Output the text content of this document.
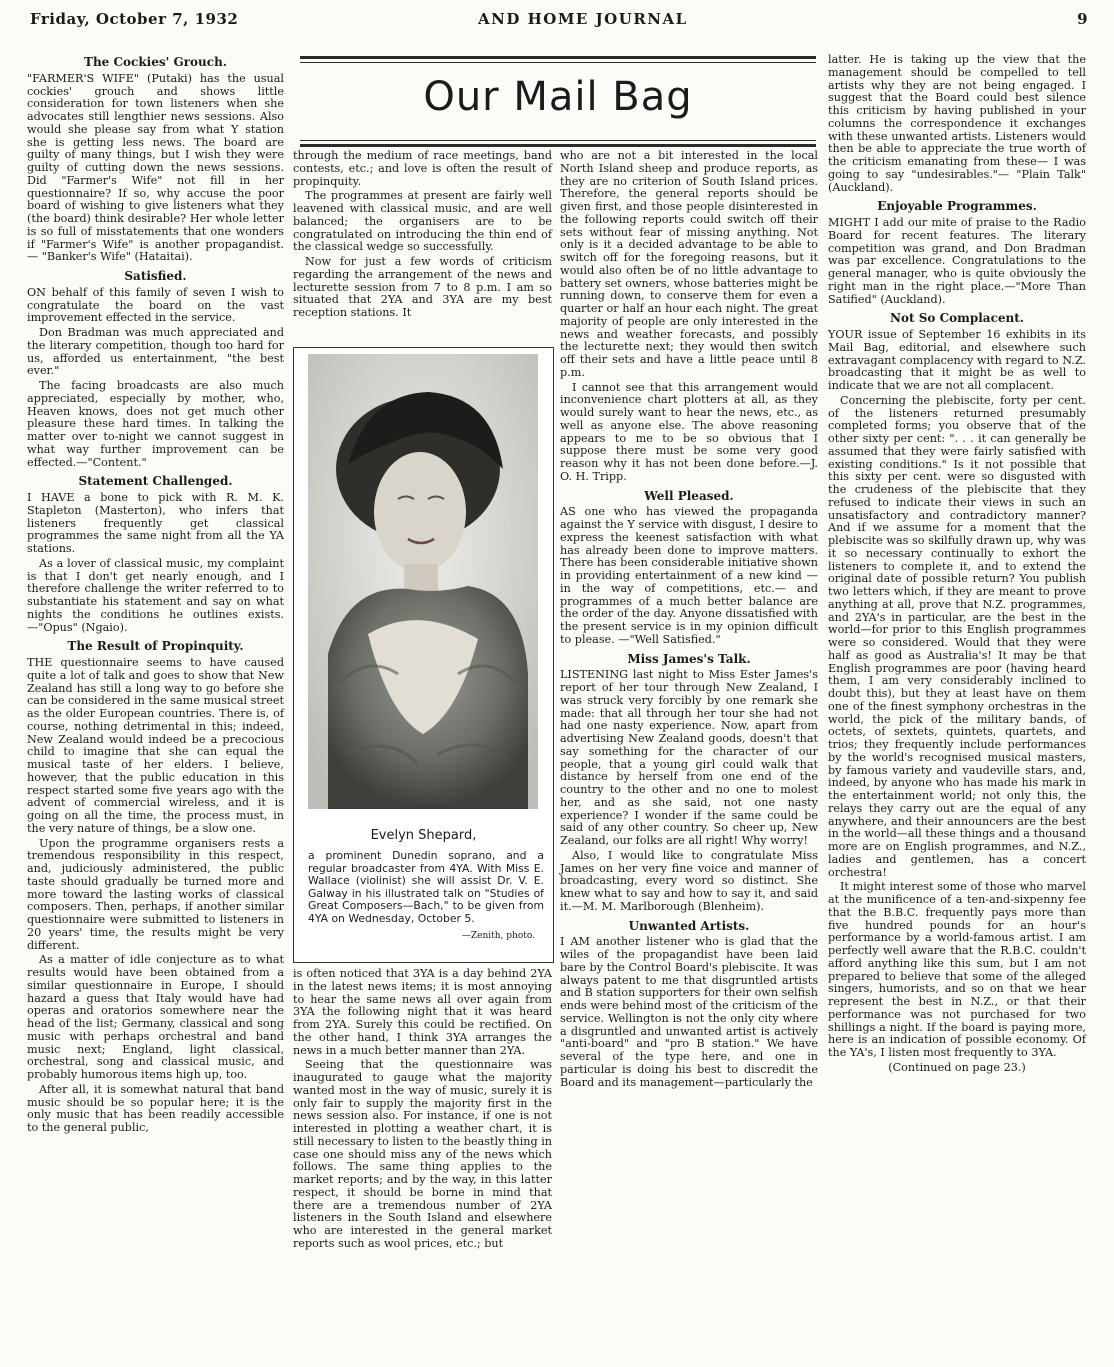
Friday, October 7, 1932	AND HOME JOURNAL	9
The Cockies' Grouch.

"FARMER'S WIFE" (Putaki) has the usual cockies' grouch and shows little consideration for town listeners when she advocates still lengthier news sessions. Also would she please say from what Y station she is getting less news. The board are guilty of many things, but I wish they were guilty of cutting down the news sessions. Did "Farmer's Wife" not fill in her questionnaire? If so, why accuse the poor board of wishing to give listeners what they (the board) think desirable? Her whole letter is so full of misstatements that one wonders if "Farmer's Wife" is another propagandist. — "Banker's Wife" (Hataitai).

Satisfied.

ON behalf of this family of seven I wish to congratulate the board on the vast improvement effected in the service.

Don Bradman was much appreciated and the literary competition, though too hard for us, afforded us entertainment, "the best ever."

The facing broadcasts are also much appreciated, especially by mother, who, Heaven knows, does not get much other pleasure these hard times. In talking the matter over to-night we cannot suggest in what way further improvement can be effected.—"Content."

Statement Challenged.

I HAVE a bone to pick with R. M. K. Stapleton (Masterton), who infers that listeners frequently get classical programmes the same night from all the YA stations.

As a lover of classical music, my complaint is that I don't get nearly enough, and I therefore challenge the writer referred to to substantiate his statement and say on what nights the conditions he outlines exists.—"Opus" (Ngaio).

The Result of Propinquity.

THE questionnaire seems to have caused quite a lot of talk and goes to show that New Zealand has still a long way to go before she can be considered in the same musical street as the older European countries. There is, of course, nothing detrimental in this; indeed, New Zealand would indeed be a precocious child to imagine that she can equal the musical taste of her elders. I believe, however, that the public education in this respect started some five years ago with the advent of commercial wireless, and it is going on all the time, the process must, in the very nature of things, be a slow one.

Upon the programme organisers rests a tremendous responsibility in this respect, and, judiciously administered, the public taste should gradually be turned more and more toward the lasting works of classical composers. Then, perhaps, if another similar questionnaire were submitted to listeners in 20 years' time, the results might be very different.

As a matter of idle conjecture as to what results would have been obtained from a similar questionnaire in Europe, I should hazard a guess that Italy would have had operas and oratorios somewhere near the head of the list; Germany, classical and song music with perhaps orchestral and band music next; England, light classical, orchestral, song and classical music, and probably humorous items high up, too.

After all, it is somewhat natural that band music should be so popular here; it is the only music that has been readily accessible to the general public,

Our Mail Bag

through the medium of race meetings, band contests, etc.; and love is often the result of propinquity.

The programmes at present are fairly well leavened with classical music, and are well balanced; the organisers are to be congratulated on introducing the thin end of the classical wedge so successfully.

Now for just a few words of criticism regarding the arrangement of the news and lecturette session from 7 to 8 p.m. I am so situated that 2YA and 3YA are my best reception stations. It

Evelyn Shepard,
a prominent Dunedin soprano, and a regular broadcaster from 4YA. With Miss E. Wallace (violinist) she will assist Dr. V. E. Galway in his illustrated talk on "Studies of Great Composers—Bach," to be given from 4YA on Wednesday, October 5.
—Zenith, photo.

is often noticed that 3YA is a day behind 2YA in the latest news items; it is most annoying to hear the same news all over again from 3YA the following night that it was heard from 2YA. Surely this could be rectified. On the other hand, I think 3YA arranges the news in a much better manner than 2YA.

Seeing that the questionnaire was inaugurated to gauge what the majority wanted most in the way of music, surely it is only fair to supply the majority first in the news session also. For instance, if one is not interested in plotting a weather chart, it is still necessary to listen to the beastly thing in case one should miss any of the news which follows. The same thing applies to the market reports; and by the way, in this latter respect, it should be borne in mind that there are a tremendous number of 2YA listeners in the South Island and elsewhere who are interested in the general market reports such as wool prices, etc.; but

who are not a bit interested in the local North Island sheep and produce reports, as they are no criterion of South Island prices. Therefore, the general reports should be given first, and those people disinterested in the following reports could switch off their sets without fear of missing anything. Not only is it a decided advantage to be able to switch off for the foregoing reasons, but it would also often be of no little advantage to battery set owners, whose batteries might be running down, to conserve them for even a quarter or half an hour each night. The great majority of people are only interested in the news and weather forecasts, and possibly the lecturette next; they would then switch off their sets and have a little peace until 8 p.m.

I cannot see that this arrangement would inconvenience chart plotters at all, as they would surely want to hear the news, etc., as well as anyone else. The above reasoning appears to me to be so obvious that I suppose there must be some very good reason why it has not been done before.—J. O. H. Tripp.

Well Pleased.

AS one who has viewed the propaganda against the Y service with disgust, I desire to express the keenest satisfaction with what has already been done to improve matters. There has been considerable initiative shown in providing entertainment of a new kind —in the way of competitions, etc.— and programmes of a much better balance are the order of the day. Anyone dissatisfied with the present service is in my opinion difficult to please. —"Well Satisfied."

Miss James's Talk.

LISTENING last night to Miss Ester James's report of her tour through New Zealand, I was struck very forcibly by one remark she made: that all through her tour she had not had one nasty experience. Now, apart from advertising New Zealand goods, doesn't that say something for the character of our people, that a young girl could walk that distance by herself from one end of the country to the other and no one to molest her, and as she said, not one nasty experience? I wonder if the same could be said of any other country. So cheer up, New Zealand, our folks are all right! Why worry!

Also, I would like to congratulate Miss James on her very fine voice and manner of broadcasting, every word so distinct. She knew what to say and how to say it, and said it.—M. M. Marlborough (Blenheim).

Unwanted Artists.

I AM another listener who is glad that the wiles of the propagandist have been laid bare by the Control Board's plebiscite. It was always patent to me that disgruntled artists and B station supporters for their own selfish ends were behind most of the criticism of the service. Wellington is not the only city where a disgruntled and unwanted artist is actively "anti-board" and "pro B station." We have several of the type here, and one in particular is doing his best to discredit the Board and its management—particularly the

latter. He is taking up the view that the management should be compelled to tell artists why they are not being engaged. I suggest that the Board could best silence this criticism by having published in your columns the correspondence it exchanges with these unwanted artists. Listeners would then be able to appreciate the true worth of the criticism emanating from these— I was going to say "undesirables."— "Plain Talk" (Auckland).

Enjoyable Programmes.

MIGHT I add our mite of praise to the Radio Board for recent features. The literary competition was grand, and Don Bradman was par excellence. Congratulations to the general manager, who is quite obviously the right man in the right place.—"More Than Satified" (Auckland).

Not So Complacent.

YOUR issue of September 16 exhibits in its Mail Bag, editorial, and elsewhere such extravagant complacency with regard to N.Z. broadcasting that it might be as well to indicate that we are not all complacent.

Concerning the plebiscite, forty per cent. of the listeners returned presumably completed forms; you observe that of the other sixty per cent: ". . . it can generally be assumed that they were fairly satisfied with existing conditions." Is it not possible that this sixty per cent. were so disgusted with the crudeness of the plebiscite that they refused to indicate their views in such an unsatisfactory and contradictory manner? And if we assume for a moment that the plebiscite was so skilfully drawn up, why was it so necessary continually to exhort the listeners to complete it, and to extend the original date of possible return? You publish two letters which, if they are meant to prove anything at all, prove that N.Z. programmes, and 2YA's in particular, are the best in the world—for prior to this English programmes were so considered. Would that they were half as good as Australia's! It may be that English programmes are poor (having heard them, I am very considerably inclined to doubt this), but they at least have on them one of the finest symphony orchestras in the world, the pick of the military bands, of octets, of sextets, quintets, quartets, and trios; they frequently include performances by the world's recognised musical masters, by famous variety and vaudeville stars, and, indeed, by anyone who has made his mark in the entertainment world; not only this, the relays they carry out are the equal of any anywhere, and their announcers are the best in the world—all these things and a thousand more are on English programmes, and N.Z., ladies and gentlemen, has a concert orchestra!

It might interest some of those who marvel at the munificence of a ten-and-sixpenny fee that the B.B.C. frequently pays more than five hundred pounds for an hour's performance by a world-famous artist. I am perfectly well aware that the R.B.C. couldn't afford anything like this sum, but I am not prepared to believe that some of the alleged singers, humorists, and so on that we hear represent the best in N.Z., or that their performance was not purchased for two shillings a night. If the board is paying more, here is an indication of possible economy. Of the YA's, I listen most frequently to 3YA.

(Continued on page 23.)
